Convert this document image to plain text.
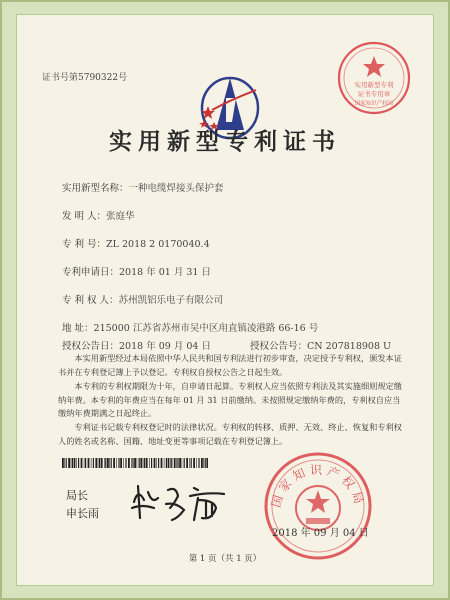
证书号第5790322号
实用新型专利
证书专用章
国家知识产权局
实用新型专利证书
实用新型名称：一种电缆焊接头保护套
发 明 人：张庭华
专 利 号：ZL 2018 2 0170040.4
专利申请日：2018 年 01 月 31 日
专 利 权 人：苏州凯铝乐电子有限公司
地 址：215000 江苏省苏州市吴中区甪直镇凌港路 66-16 号
授权公告日：2018 年 09 月 04 日	授权公告号：CN 207818908 U
本实用新型经过本局依照中华人民共和国专利法进行初步审查，决定授予专利权，颁发本证书并在专利登记簿上予以登记。专利权自授权公告之日起生效。
本专利的专利权期限为十年，自申请日起算。专利权人应当依照专利法及其实施细则规定缴纳年费。本专利的年费应当在每年 01 月 31 日前缴纳。未按照规定缴纳年费的，专利权自应当缴纳年费期满之日起终止。
专利证书记载专利权登记时的法律状况。专利权的转移、质押、无效、终止、恢复和专利权人的姓名或名称、国籍、地址变更等事项记载在专利登记簿上。
局长
申长雨
国家知识产权局
2018 年 09 月 04 日
第 1 页（共 1 页）
